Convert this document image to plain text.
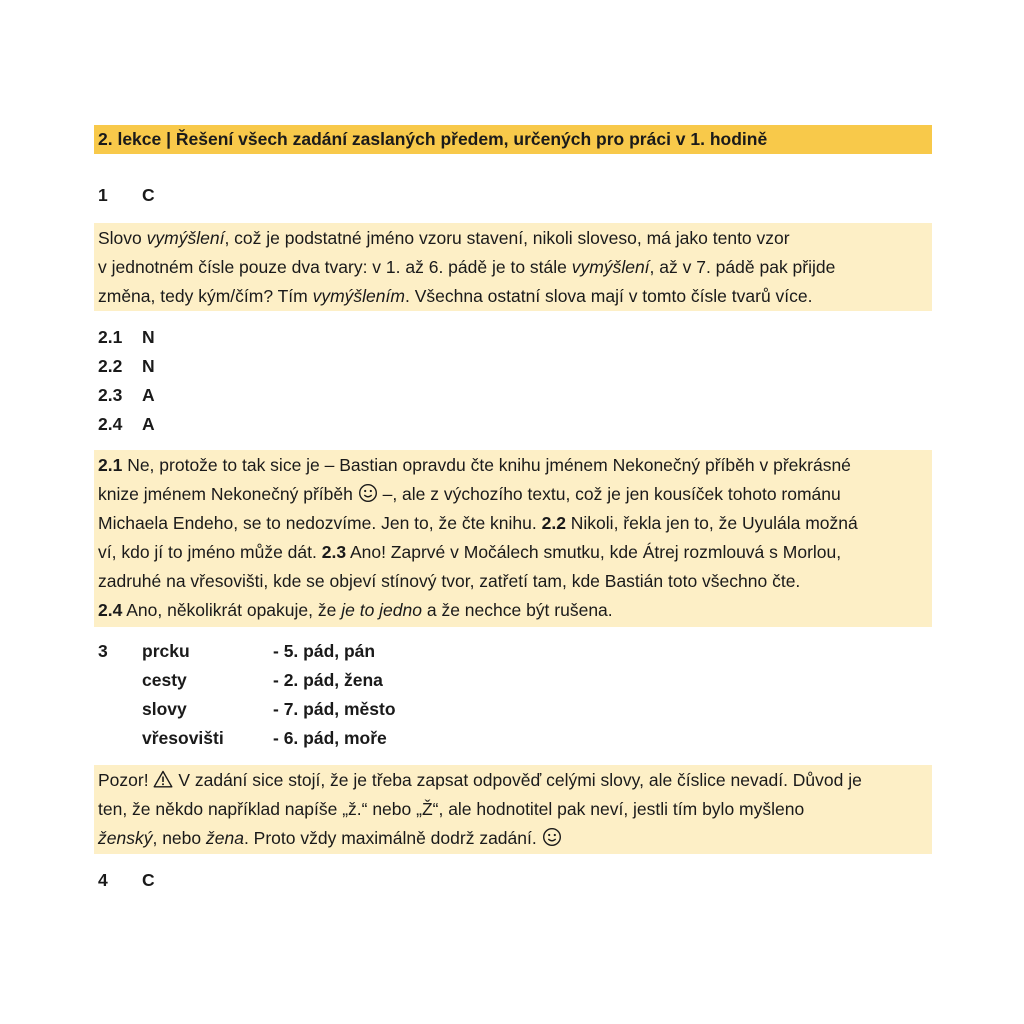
2. lekce | Řešení všech zadání zaslaných předem, určených pro práci v 1. hodině
1 C

Slovo vymýšlení, což je podstatné jméno vzoru stavení, nikoli sloveso, má jako tento vzor

v jednotném čísle pouze dva tvary: v 1. až 6. pádě je to stále vymýšlení, až v 7. pádě pak přijde

změna, tedy kým/čím? Tím vymýšlením. Všechna ostatní slova mají v tomto čísle tvarů více.

2.1 N
2.2 N
2.3 A
2.4 A

2.1 Ne, protože to tak sice je – Bastian opravdu čte knihu jménem Nekonečný příběh v překrásné

knize jménem Nekonečný příběh  –, ale z výchozího textu, což je jen kousíček tohoto románu

Michaela Endeho, se to nedozvíme. Jen to, že čte knihu. 2.2 Nikoli, řekla jen to, že Uyulála možná

ví, kdo jí to jméno může dát. 2.3 Ano! Zaprvé v Močálech smutku, kde Átrej rozmlouvá s Morlou,

zadruhé na vřesovišti, kde se objeví stínový tvor, zatřetí tam, kde Bastián toto všechno čte.

2.4 Ano, několikrát opakuje, že je to jedno a že nechce být rušena.

3 prcku	- 5. pád, pán
cesty	- 2. pád, žena
slovy	- 7. pád, město
vřesovišti	- 6. pád, moře

Pozor!  V zadání sice stojí, že je třeba zapsat odpověď celými slovy, ale číslice nevadí. Důvod je

ten, že někdo například napíše „ž.“ nebo „Ž“, ale hodnotitel pak neví, jestli tím bylo myšleno

ženský, nebo žena. Proto vždy maximálně dodrž zadání.

4 C
